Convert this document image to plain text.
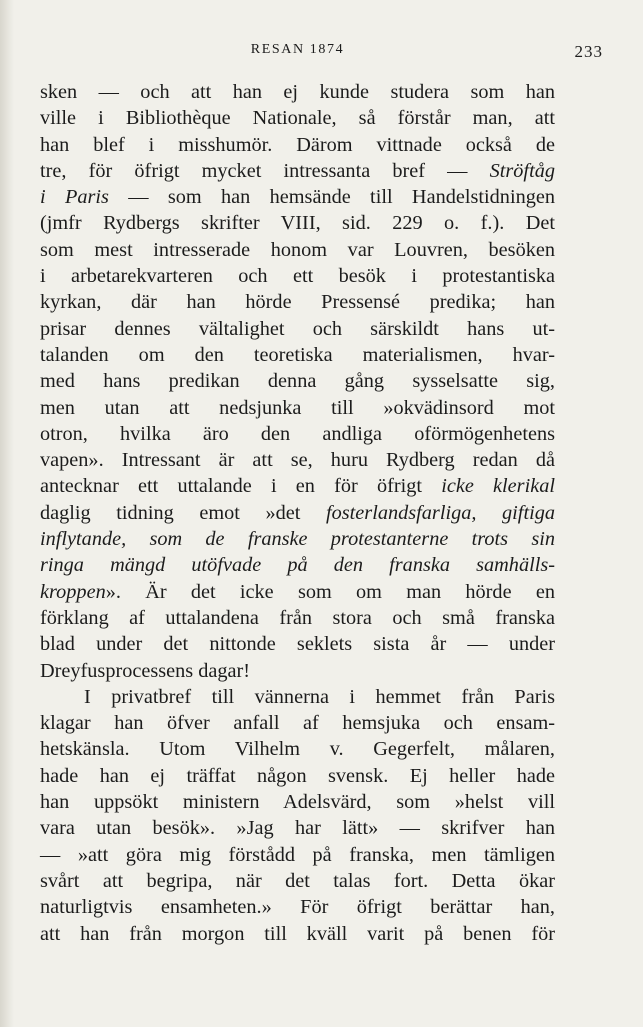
RESAN 1874	233
sken — och att han ej kunde studera som han
ville i Bibliothèque Nationale, så förstår man, att
han blef i misshumör. Därom vittnade också de
tre, för öfrigt mycket intressanta bref — Ströftåg
i Paris — som han hemsände till Handelstidningen
(jmfr Rydbergs skrifter VIII, sid. 229 o. f.). Det
som mest intresserade honom var Louvren, besöken
i arbetarekvarteren och ett besök i protestantiska
kyrkan, där han hörde Pressensé predika; han
prisar dennes vältalighet och särskildt hans ut-
talanden om den teoretiska materialismen, hvar-
med hans predikan denna gång sysselsatte sig,
men utan att nedsjunka till »okvädinsord mot
otron, hvilka äro den andliga oförmögenhetens
vapen». Intressant är att se, huru Rydberg redan då
antecknar ett uttalande i en för öfrigt icke klerikal
daglig tidning emot »det fosterlandsfarliga, giftiga
inflytande, som de franske protestanterne trots sin
ringa mängd utöfvade på den franska samhälls-
kroppen». Är det icke som om man hörde en
förklang af uttalandena från stora och små franska
blad under det nittonde seklets sista år — under
Dreyfusprocessens dagar!
I privatbref till vännerna i hemmet från Paris
klagar han öfver anfall af hemsjuka och ensam-
hetskänsla. Utom Vilhelm v. Gegerfelt, målaren,
hade han ej träffat någon svensk. Ej heller hade
han uppsökt ministern Adelsvärd, som »helst vill
vara utan besök». »Jag har lätt» — skrifver han
— »att göra mig förstådd på franska, men tämligen
svårt att begripa, när det talas fort. Detta ökar
naturligtvis ensamheten.» För öfrigt berättar han,
att han från morgon till kväll varit på benen för
